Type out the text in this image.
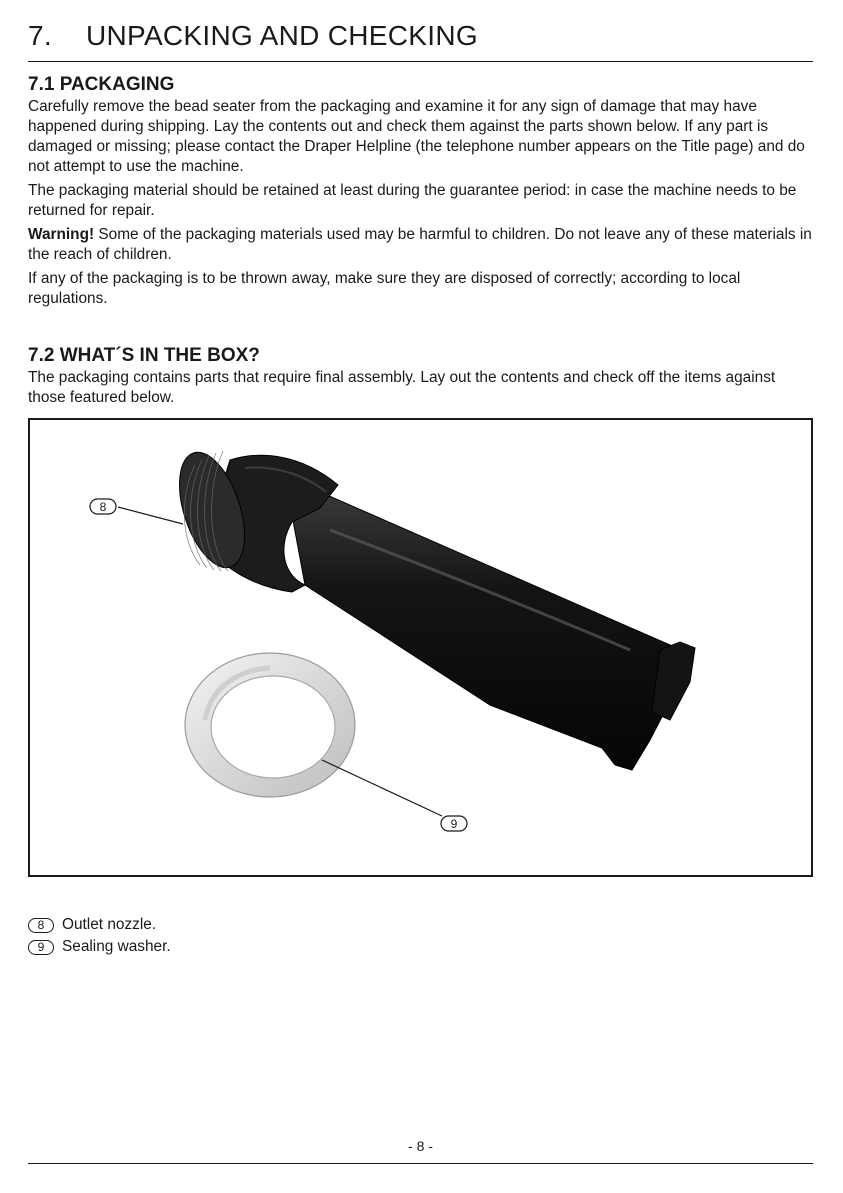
7. UNPACKING AND CHECKING
7.1 PACKAGING

Carefully remove the bead seater from the packaging and examine it for any sign of damage that may have happened during shipping. Lay the contents out and check them against the parts shown below. If any part is damaged or missing; please contact the Draper Helpline (the telephone number appears on the Title page) and do not attempt to use the machine.

The packaging material should be retained at least during the guarantee period: in case the machine needs to be returned for repair.

Warning! Some of the packaging materials used may be harmful to children. Do not leave any of these materials in the reach of children.

If any of the packaging is to be thrown away, make sure they are disposed of correctly; according to local regulations.

7.2 WHAT´S IN THE BOX?

The packaging contains parts that require final assembly. Lay out the contents and check off the items against those featured below.

8
9
8	Outlet nozzle.
9	Sealing washer.
- 8 -
